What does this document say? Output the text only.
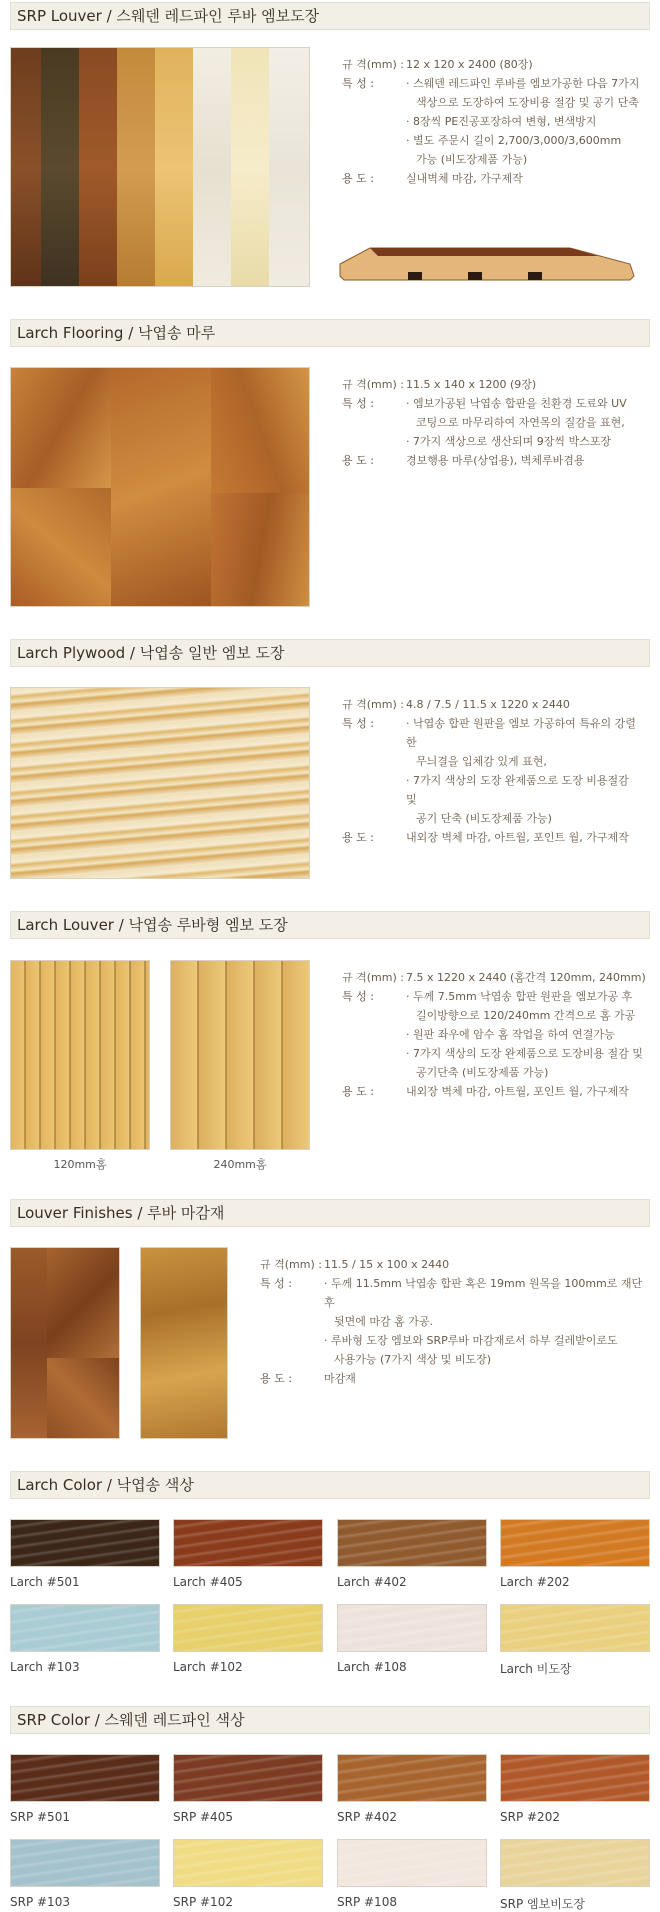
SRP Louver / 스웨덴 레드파인 루바 엠보도장
규 격(mm) : 12 x 120 x 2400 (80장)
특 성 :	· 스웨덴 레드파인 루바를 엠보가공한 다음 7가지
색상으로 도장하여 도장비용 절감 및 공기 단축
· 8장씩 PE진공포장하여 변형, 변색방지
· 별도 주문시 길이 2,700/3,000/3,600mm
가능 (비도장제품 가능)
용 도 :	실내벽체 마감, 가구제작
Larch Flooring / 낙엽송 마루
규 격(mm) : 11.5 x 140 x 1200 (9장)
특 성 :	· 엠보가공된 낙엽송 합판을 친환경 도료와 UV
코팅으로 마무리하여 자연목의 질감을 표현,
· 7가지 색상으로 생산되며 9장씩 박스포장
용 도 :	경보행용 마루(상업용), 벽체루바겸용
Larch Plywood / 낙엽송 일반 엠보 도장
규 격(mm) : 4.8 / 7.5 / 11.5 x 1220 x 2440
특 성 :	· 낙엽송 합판 원판을 엠보 가공하여 특유의 강렬한
무늬결을 입체감 있게 표현,
· 7가지 색상의 도장 완제품으로 도장 비용절감 및
공기 단축 (비도장제품 가능)
용 도 :	내외장 벽체 마감, 아트월, 포인트 월, 가구제작
Larch Louver / 낙엽송 루바형 엠보 도장
120mm홈	240mm홈
규 격(mm) : 7.5 x 1220 x 2440 (홈간격 120mm, 240mm)
특 성 :	· 두께 7.5mm 낙엽송 합판 원판을 엠보가공 후
길이방향으로 120/240mm 간격으로 홈 가공
· 원판 좌우에 암수 홈 작업을 하여 연결가능
· 7가지 색상의 도장 완제품으로 도장비용 절감 및
공기단축 (비도장제품 가능)
용 도 :	내외장 벽체 마감, 아트월, 포인트 월, 가구제작
Louver Finishes / 루바 마감재
규 격(mm) : 11.5 / 15 x 100 x 2440
특 성 :	· 두께 11.5mm 낙엽송 합판 혹은 19mm 원목을 100mm로 재단 후
뒷면에 마감 홈 가공.
· 루바형 도장 엠보와 SRP루바 마감재로서 하부 걸레받이로도
사용가능 (7가지 색상 및 비도장)
용 도 :	마감재
Larch Color / 낙엽송 색상
Larch #501	Larch #405	Larch #402	Larch #202
Larch #103	Larch #102	Larch #108	Larch 비도장
SRP Color / 스웨덴 레드파인 색상
SRP #501	SRP #405	SRP #402	SRP #202
SRP #103	SRP #102	SRP #108	SRP 엠보비도장
